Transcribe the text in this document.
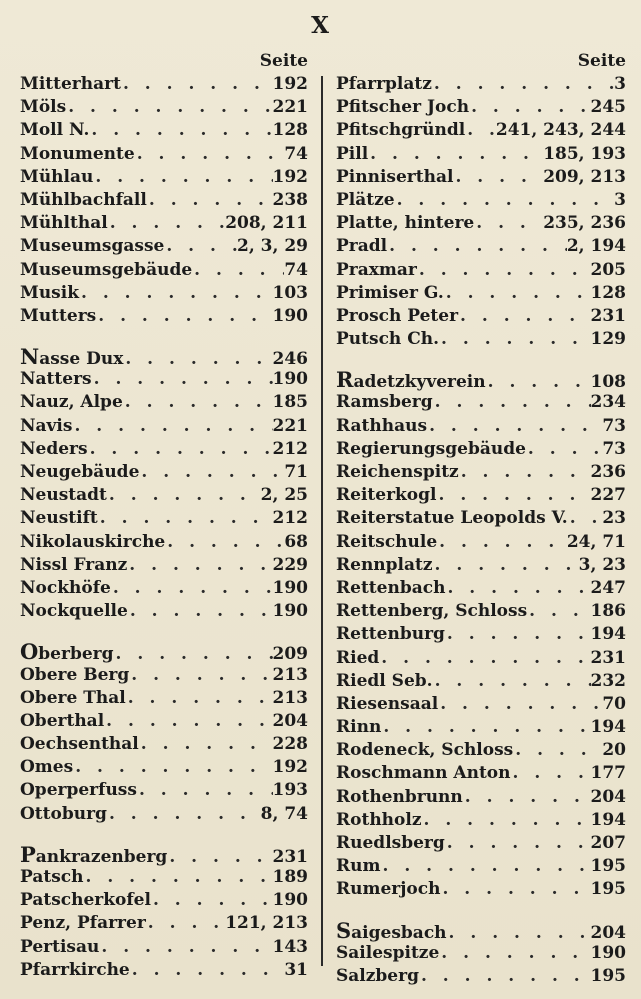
X
Seite
Mitterhart . . .	192
Möls . . .	221
Moll N. . . .	128
Monumente . . .	74
Mühlau . . .	192
Mühlbachfall . . .	238
Mühlthal . . .	208, 211
Museumsgasse . . .	2, 3, 29
Museumsgebäude . . .	74
Musik . . .	103
Mutters . . .	190
Nasse Dux . . .	246
Natters . . .	190
Nauz, Alpe . . .	185
Navis . . .	221
Neders . . .	212
Neugebäude . . .	71
Neustadt . . .	2, 25
Neustift . . .	212
Nikolauskirche . . .	68
Nissl Franz . . .	229
Nockhöfe . . .	190
Nockquelle . . .	190
Oberberg . . .	209
Obere Berg . . .	213
Obere Thal . . .	213
Oberthal . . .	204
Oechsenthal . . .	228
Omes . . .	192
Operperfuss . . .	193
Ottoburg . . .	8, 74
Pankrazenberg . . .	231
Patsch . . .	189
Patscherkofel . . .	190
Penz, Pfarrer . . .	121, 213
Pertisau . . .	143
Pfarrkirche . . .	31
Seite
Pfarrplatz . . .	3
Pfitscher Joch . . .	245
Pfitschgründl . . . 241, 243, 244
Pill . . .	185, 193
Pinniserthal . . .	209, 213
Plätze . . .	3
Platte, hintere . . .	235, 236
Pradl . . .	2, 194
Praxmar . . .	205
Primiser G. . . .	128
Prosch Peter . . .	231
Putsch Ch. . . .	129
Radetzkyverein . . .	108
Ramsberg . . .	234
Rathhaus . . .	73
Regierungsgebäude . . .	73
Reichenspitz . . .	236
Reiterkogl . . .	227
Reiterstatue Leopolds V. . . . 23
Reitschule . . .	24, 71
Rennplatz . . .	3, 23
Rettenbach . . .	247
Rettenberg, Schloss . . .	186
Rettenburg . . .	194
Ried . . .	231
Riedl Seb. . . .	232
Riesensaal . . .	70
Rinn . . .	194
Rodeneck, Schloss . . .	20
Roschmann Anton . . .	177
Rothenbrunn . . .	204
Rothholz . . .	194
Ruedlsberg . . .	207
Rum . . .	195
Rumerjoch . . .	195
Saigesbach . . .	204
Sailespitze . . .	190
Salzberg . . .	195
